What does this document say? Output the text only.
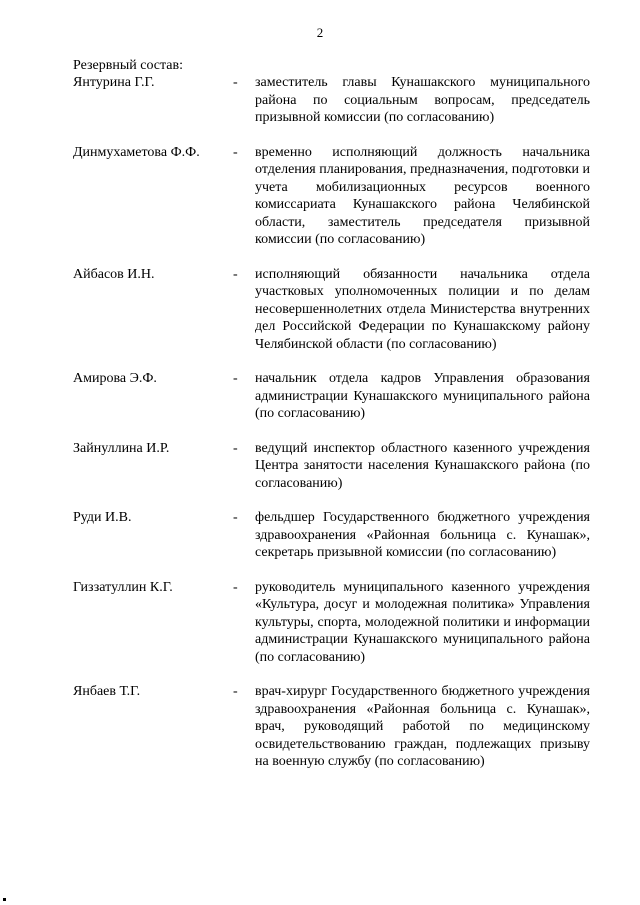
2
Резервный состав:
Янтурина Г.Г.	-	заместитель главы Кунашакского муниципального района по социальным вопросам, председатель призывной комиссии (по согласованию)
Динмухаметова Ф.Ф.	-	временно исполняющий должность начальника отделения планирования, предназначения, подготовки и учета мобилизационных ресурсов военного комиссариата Кунашакского района Челябинской области, заместитель председателя призывной комиссии (по согласованию)
Айбасов И.Н.	-	исполняющий обязанности начальника отдела участковых уполномоченных полиции и по делам несовершеннолетних отдела Министерства внутренних дел Российской Федерации по Кунашакскому району Челябинской области (по согласованию)
Амирова Э.Ф.	-	начальник отдела кадров Управления образования администрации Кунашакского муниципального района (по согласованию)
Зайнуллина И.Р.	-	ведущий инспектор областного казенного учреждения Центра занятости населения Кунашакского района (по согласованию)
Руди И.В.	-	фельдшер Государственного бюджетного учреждения здравоохранения «Районная больница с. Кунашак», секретарь призывной комиссии (по согласованию)
Гиззатуллин К.Г.	-	руководитель муниципального казенного учреждения «Культура, досуг и молодежная политика» Управления культуры, спорта, молодежной политики и информации администрации Кунашакского муниципального района (по согласованию)
Янбаев Т.Г.	-	врач-хирург Государственного бюджетного учреждения здравоохранения «Районная больница с. Кунашак», врач, руководящий работой по медицинскому освидетельствованию граждан, подлежащих призыву на военную службу (по согласованию)
